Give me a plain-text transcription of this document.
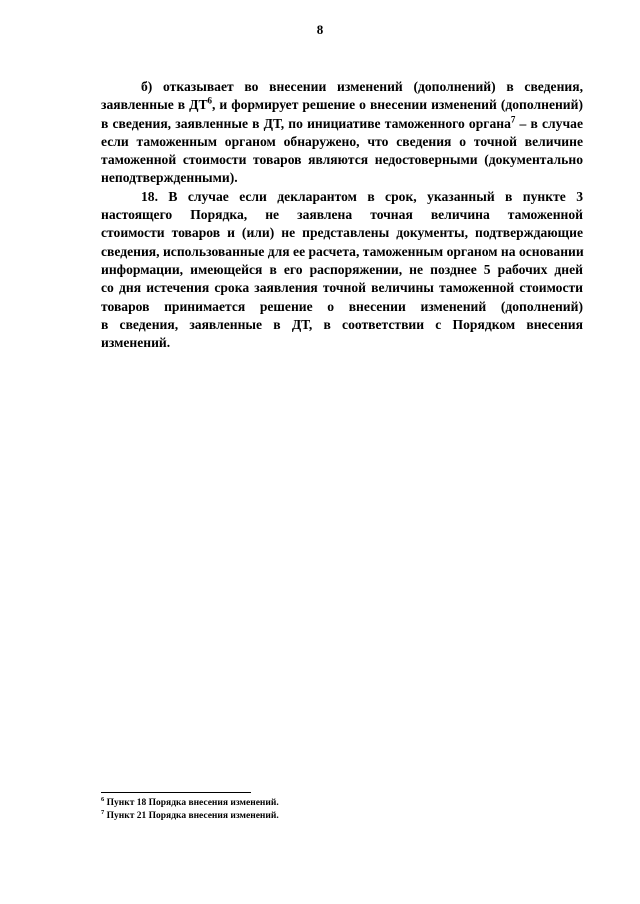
8
б) отказывает во внесении изменений (дополнений) в сведения,
заявленные в $ДТ^6$, и формирует решение о внесении изменений (дополнений)
в сведения, заявленные в ДТ, по инициативе таможенного органа$^7$ – в случае
если таможенным органом обнаружено, что сведения о точной величине
таможенной стоимости товаров являются недостоверными (документально
неподтвержденными).
18. В случае если декларантом в срок, указанный в пункте 3
настоящего Порядка, не заявлена точная величина таможенной
стоимости товаров и (или) не представлены документы, подтверждающие
сведения, использованные для ее расчета, таможенным органом на основании
информации, имеющейся в его распоряжении, не позднее 5 рабочих дней
со дня истечения срока заявления точной величины таможенной стоимости
товаров принимается решение о внесении изменений (дополнений)
в сведения, заявленные в ДТ, в соответствии с Порядком внесения
изменений.
$^6$ Пункт 18 Порядка внесения изменений.
$^7$ Пункт 21 Порядка внесения изменений.
